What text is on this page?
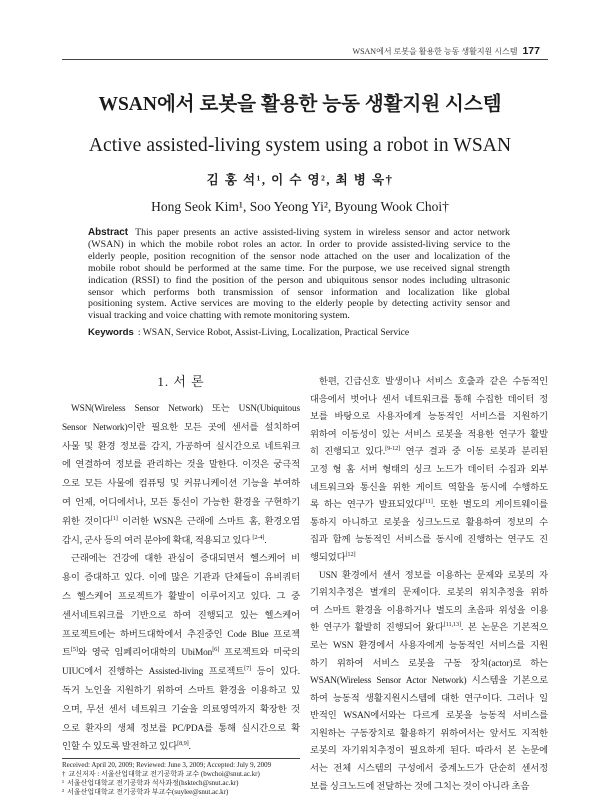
WSAN에서 로봇을 활용한 능동 생활지원 시스템 177
WSAN에서 로봇을 활용한 능동 생활지원 시스템
Active assisted-living system using a robot in WSAN
김 홍 석¹, 이 수 영², 최 병 욱†
Hong Seok Kim¹, Soo Yeong Yi², Byoung Wook Choi†
Abstract This paper presents an active assisted-living system in wireless sensor and actor network
(WSAN) in which the mobile robot roles an actor. In order to provide assisted-living service to the
elderly people, position recognition of the sensor node attached on the user and localization of the
mobile robot should be performed at the same time. For the purpose, we use received signal strength
indication (RSSI) to find the position of the person and ubiquitous sensor nodes including ultrasonic
sensor which performs both transmission of sensor information and localization like global
positioning system. Active services are moving to the elderly people by detecting activity sensor and
visual tracking and voice chatting with remote monitoring system.
Keywords : WSAN, Service Robot, Assist-Living, Localization, Practical Service
1. 서 론
WSN(Wireless Sensor Network) 또는 USN(Ubiquitous
Sensor Network)이란 필요한 모든 곳에 센서를 설치하여
사물 및 환경 정보를 감지, 가공하여 실시간으로 네트워크
에 연결하여 정보를 관리하는 것을 말한다. 이것은 궁극적
으로 모든 사물에 컴퓨팅 및 커뮤니케이션 기능을 부여하
여 언제, 어디에서나, 모든 통신이 가능한 환경을 구현하기
위한 것이다[1] 이러한 WSN은 근래에 스마트 홈, 환경오염
감시, 군사 등의 여러 분야에 확대, 적용되고 있다 [2-4].
근래에는 건강에 대한 관심이 증대되면서 헬스케어 비
용이 증대하고 있다. 이에 많은 기관과 단체들이 유비쿼터
스 헬스케어 프로젝트가 활발이 이루어지고 있다. 그 중
센서네트워크를 기반으로 하여 진행되고 있는 헬스케어
프로젝트에는 하버드대학에서 추진중인 Code Blue 프로젝
트[5]와 영국 임페리어대학의 UbiMon[6] 프로젝트와 미국의
UIUC에서 진행하는 Assisted-living 프로젝트[7] 등이 있다.
독거 노인을 지원하기 위하여 스마트 환경을 이용하고 있
으며, 무선 센서 네트워크 기술을 의료영역까지 확장한 것
으로 환자의 생체 정보를 PC/PDA를 통해 실시간으로 확
인할 수 있도록 발전하고 있다[8,9].
한편, 긴급신호 발생이나 서비스 호출과 같은 수동적인
대응에서 벗어나 센서 네트워크를 통해 수집한 데이터 정
보를 바탕으로 사용자에게 능동적인 서비스를 지원하기
위하여 이동성이 있는 서비스 로봇을 적용한 연구가 활발
히 진행되고 있다.[9-12] 연구 결과 중 이동 로봇과 분리된
고정 형 홈 서버 형태의 싱크 노드가 데이터 수집과 외부
네트워크와 통신을 위한 게이트 역할을 동시에 수행하도
록 하는 연구가 발표되었다[11]. 또한 별도의 게이트웨이를
통하지 아니하고 로봇을 싱크노드로 활용하여 정보의 수
집과 함께 능동적인 서비스를 동시에 진행하는 연구도 진
행되었다[12]
USN 환경에서 센서 정보를 이용하는 문제와 로봇의 자
기위치추정은 별개의 문제이다. 로봇의 위치추정을 위하
여 스마트 환경을 이용하거나 별도의 초음파 위성을 이용
한 연구가 활발히 진행되어 왔다[11,13]. 본 논문은 기본적으
로는 WSN 환경에서 사용자에게 능동적인 서비스를 지원
하기 위하여 서비스 로봇을 구동 장치(actor)로 하는
WSAN(Wireless Sensor Actor Network) 시스템을 기본으로
하여 능동적 생활지원시스템에 대한 연구이다. 그러나 일
반적인 WSAN에서와는 다르게 로봇을 능동적 서비스를
지원하는 구동장치로 활용하기 위하여서는 앞서도 지적한
로봇의 자기위치추정이 필요하게 된다. 따라서 본 논문에
서는 전체 시스템의 구성에서 중계노드가 단순히 센서정
보를 싱크노드에 전달하는 것에 그치는 것이 아니라 초음
Received: April 20, 2009; Reviewed: June 3, 2009; Accepted: July 9, 2009
† 교신저자 : 서울산업대학교 전기공학과 교수 (bwchoi@snut.ac.kr)
¹ 서울산업대학교 전기공학과 석사과정(hsktech@snut.ac.kr)
² 서울산업대학교 전기공학과 부교수(suylee@snut.ac.kr)
